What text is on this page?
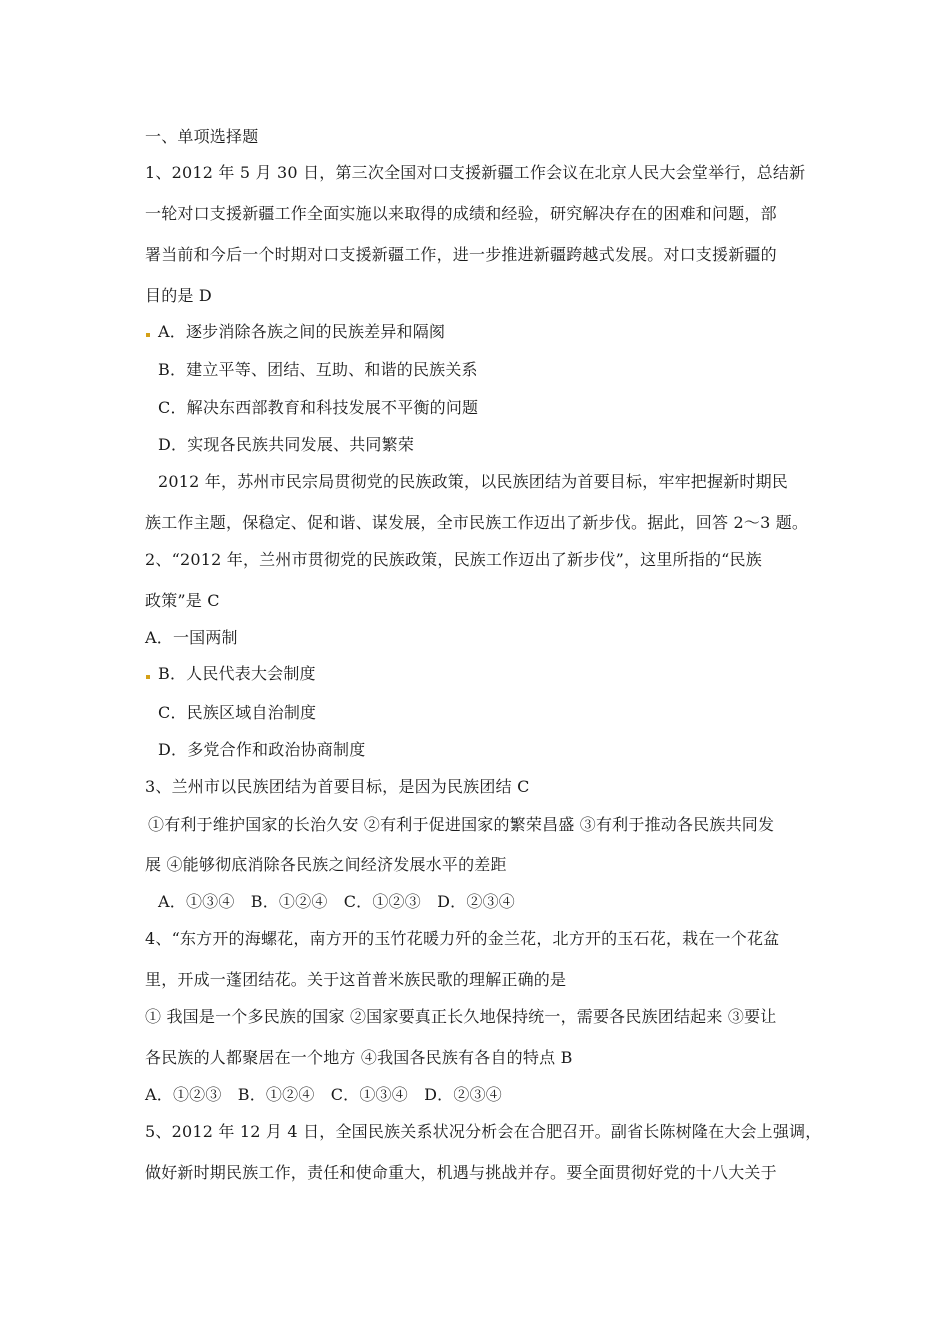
一、单项选择题
1、2012 年 5 月 30 日，第三次全国对口支援新疆工作会议在北京人民大会堂举行，总结新
一轮对口支援新疆工作全面实施以来取得的成绩和经验，研究解决存在的困难和问题，部
署当前和今后一个时期对口支援新疆工作，进一步推进新疆跨越式发展。对口支援新疆的
目的是 D
A．逐步消除各族之间的民族差异和隔阂
B．建立平等、团结、互助、和谐的民族关系
C．解决东西部教育和科技发展不平衡的问题
D．实现各民族共同发展、共同繁荣
2012 年，苏州市民宗局贯彻党的民族政策，以民族团结为首要目标，牢牢把握新时期民
族工作主题，保稳定、促和谐、谋发展，全市民族工作迈出了新步伐。据此，回答 2～3 题。
2、“2012 年，兰州市贯彻党的民族政策，民族工作迈出了新步伐”，这里所指的“民族
政策”是 C
A．一国两制
B．人民代表大会制度
C．民族区域自治制度
D．多党合作和政治协商制度
3、兰州市以民族团结为首要目标，是因为民族团结 C
①有利于维护国家的长治久安 ②有利于促进国家的繁荣昌盛 ③有利于推动各民族共同发
展 ④能够彻底消除各民族之间经济发展水平的差距
A．①③④　B．①②④　C．①②③　D．②③④
4、“东方开的海螺花，南方开的玉竹花暖力歼的金兰花，北方开的玉石花，栽在一个花盆
里，开成一蓬团结花。关于这首普米族民歌的理解正确的是
① 我国是一个多民族的国家 ②国家要真正长久地保持统一，需要各民族团结起来 ③要让
各民族的人都聚居在一个地方 ④我国各民族有各自的特点 B
A．①②③　B．①②④　C．①③④　D．②③④
5、2012 年 12 月 4 日，全国民族关系状况分析会在合肥召开。副省长陈树隆在大会上强调，
做好新时期民族工作，责任和使命重大，机遇与挑战并存。要全面贯彻好党的十八大关于
